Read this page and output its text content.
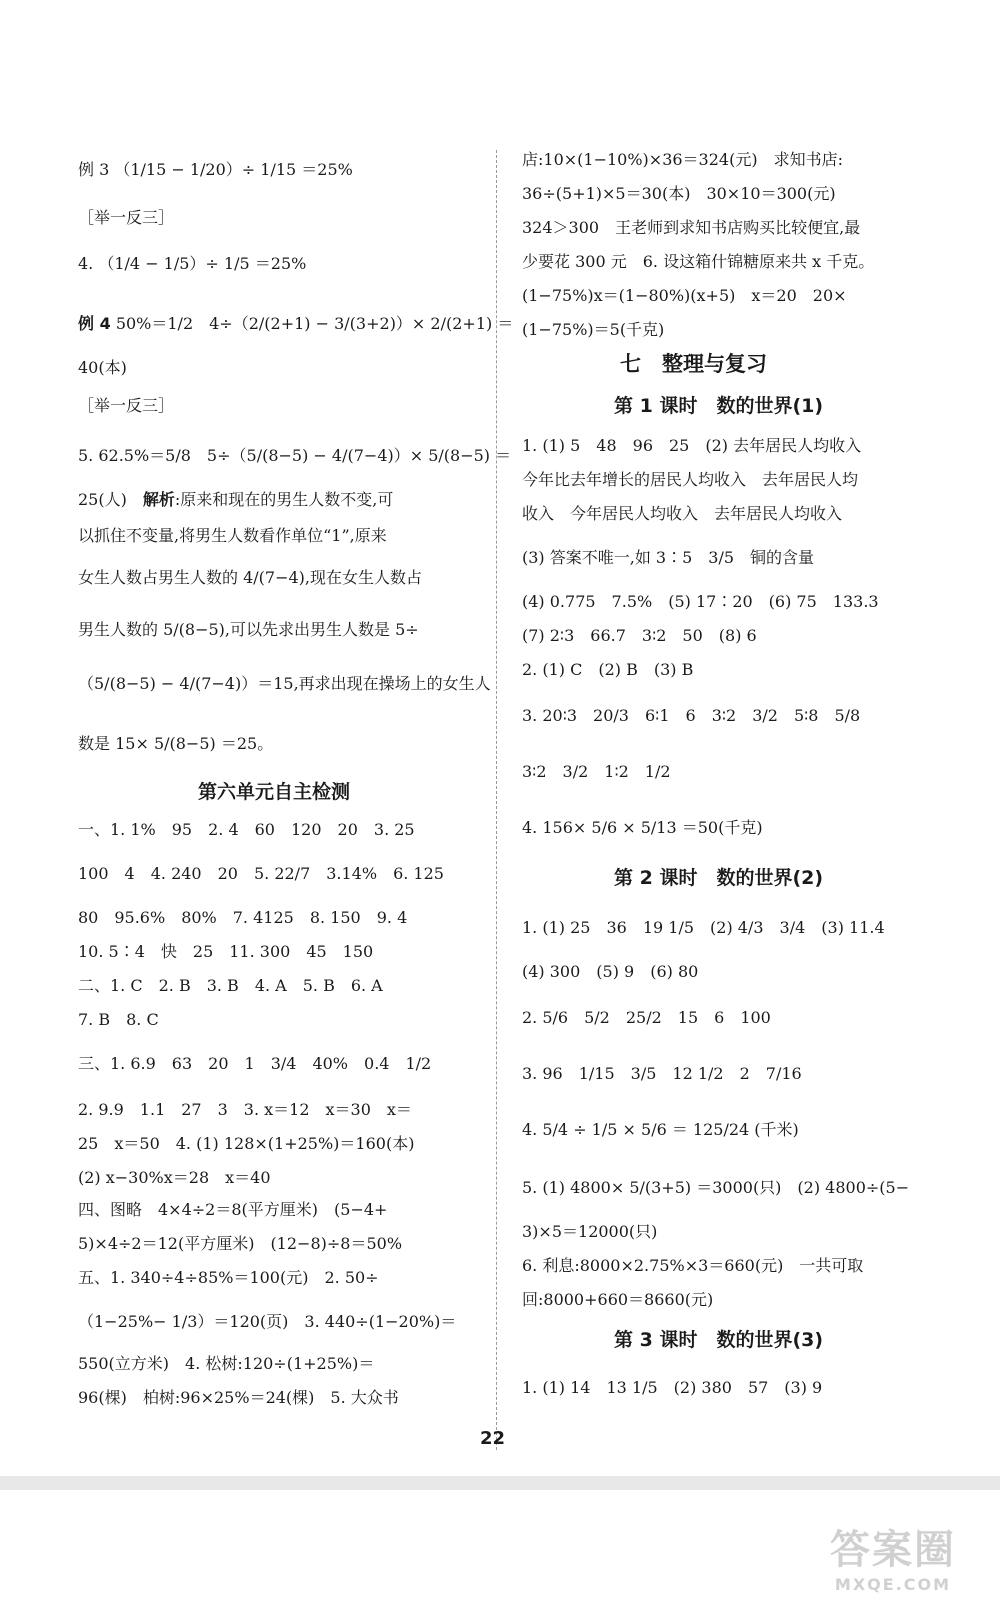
例 3 （1/15 − 1/20）÷ 1/15 ＝25%
［举一反三］
4. （1/4 − 1/5）÷ 1/5 ＝25%
例 4 50%＝1/2　4÷（2/(2+1) − 3/(3+2)）× 2/(2+1) ＝
40(本)
［举一反三］
5. 62.5%＝5/8　5÷（5/(8−5) − 4/(7−4)）× 5/(8−5) ＝
25(人)　 解析:原来和现在的男生人数不变,可
以抓住不变量,将男生人数看作单位“1”,原来
女生人数占男生人数的 4/(7−4),现在女生人数占
男生人数的 5/(8−5),可以先求出男生人数是 5÷
（5/(8−5) − 4/(7−4)）＝15,再求出现在操场上的女生人
数是 15× 5/(8−5) ＝25。
第六单元自主检测
一、1. 1%　95　2. 4　60　120　20　3. 25
100　4　4. 240　20　5. 22/7　3.14%　6. 125
80　95.6%　80%　7. 4125　8. 150　9. 4
10. 5∶4　快　25　11. 300　45　150
二、1. C　2. B　3. B　4. A　5. B　6. A
7. B　8. C
三、1. 6.9　63　20　1　3/4　40%　0.4　1/2
2. 9.9　1.1　27　3　3. x＝12　x＝30　x＝
25　x＝50　4. (1) 128×(1+25%)＝160(本)
(2) x−30%x＝28　x＝40
四、图略　4×4÷2＝8(平方厘米)　(5−4+
5)×4÷2＝12(平方厘米)　(12−8)÷8＝50%
五、1. 340÷4÷85%＝100(元)　2. 50÷
（1−25%− 1/3）＝120(页)　3. 440÷(1−20%)＝
550(立方米)　4. 松树:120÷(1+25%)＝
96(棵)　柏树:96×25%＝24(棵)　5. 大众书
店:10×(1−10%)×36＝324(元)　求知书店:
36÷(5+1)×5＝30(本)　30×10＝300(元)
324＞300　王老师到求知书店购买比较便宜,最
少要花 300 元　6. 设这箱什锦糖原来共 x 千克。
(1−75%)x＝(1−80%)(x+5)　x＝20　20×
(1−75%)＝5(千克)
七　整理与复习
第 1 课时　数的世界(1)
1. (1) 5　48　96　25　(2) 去年居民人均收入
今年比去年增长的居民人均收入　去年居民人均
收入　今年居民人均收入　去年居民人均收入
(3) 答案不唯一,如 3∶5　3/5　铜的含量
(4) 0.775　7.5%　(5) 17∶20　(6) 75　133.3
(7) 2∶3　66.7　3∶2　50　(8) 6
2. (1) C　(2) B　(3) B
3. 20∶3　20/3　6∶1　6　3∶2　3/2　5∶8　5/8
3∶2　3/2　1∶2　1/2
4. 156× 5/6 × 5/13 ＝50(千克)
第 2 课时　数的世界(2)
1. (1) 25　36　19 1/5　(2) 4/3　3/4　(3) 11.4
(4) 300　(5) 9　(6) 80
2. 5/6　5/2　25/2　15　6　100
3. 96　1/15　3/5　12 1/2　2　7/16
4. 5/4 ÷ 1/5 × 5/6 ＝ 125/24 (千米)
5. (1) 4800× 5/(3+5) ＝3000(只)　(2) 4800÷(5−
3)×5＝12000(只)
6. 利息:8000×2.75%×3＝660(元)　一共可取
回:8000+660＝8660(元)
第 3 课时　数的世界(3)
1. (1) 14　13 1/5　(2) 380　57　(3) 9
22
答案圈
MXQE.COM
